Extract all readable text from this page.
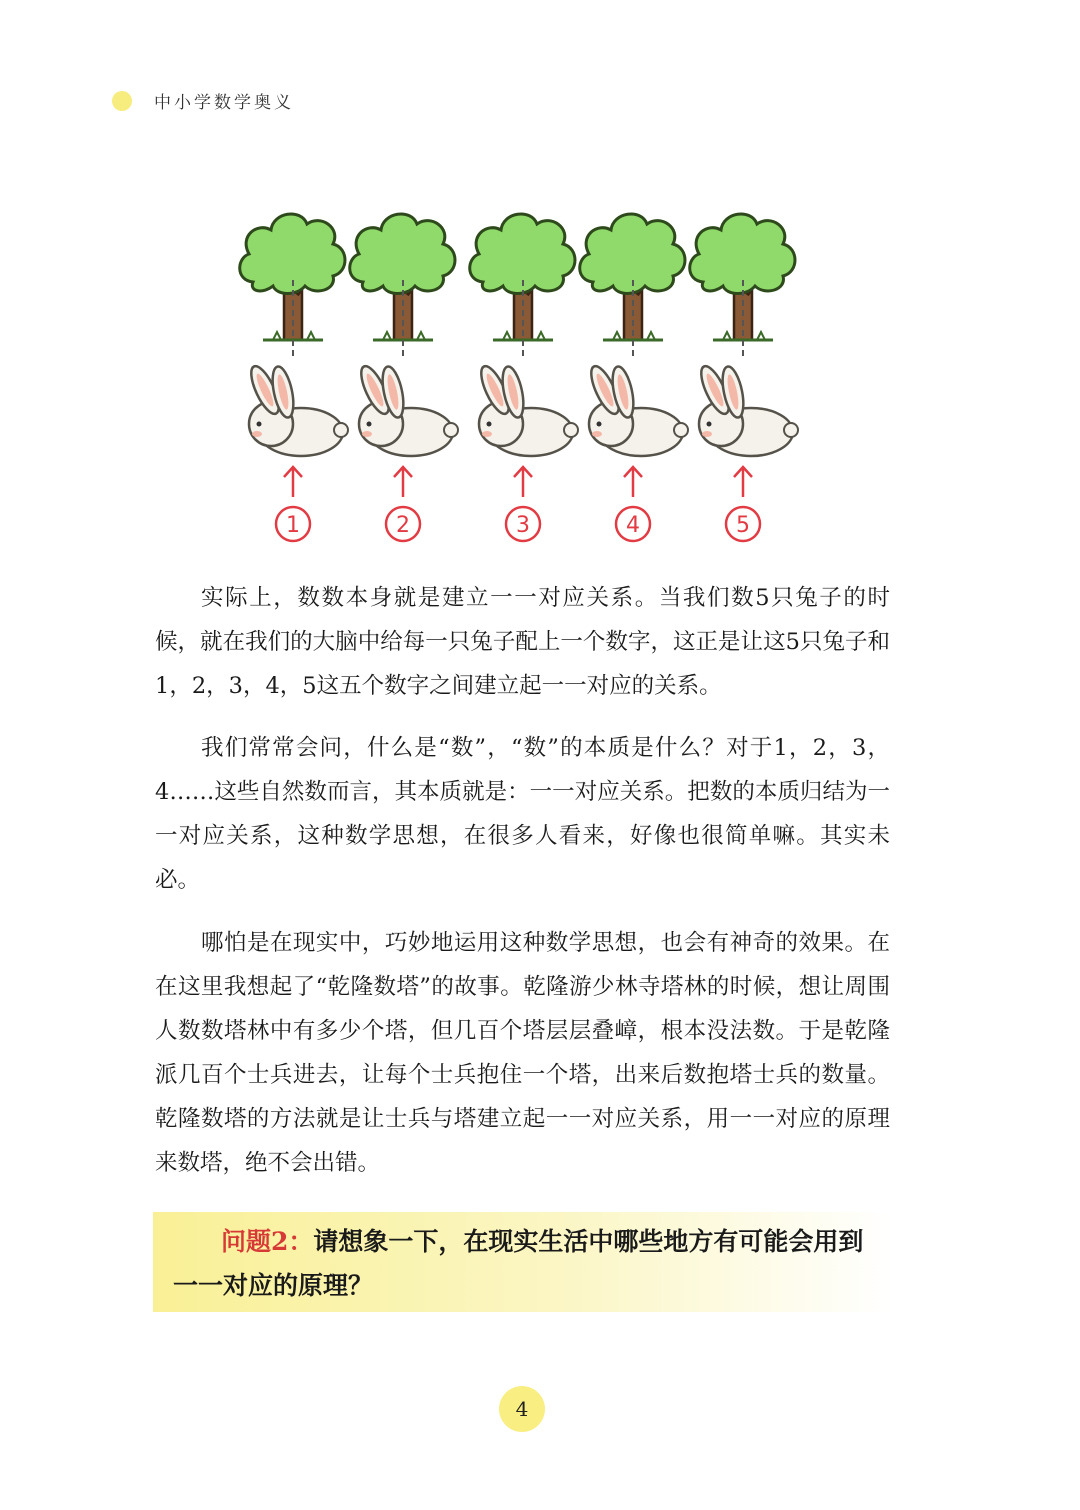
中小学数学奥义
1	2	3	4	5

实际上，数数本身就是建立一一对应关系。当我们数5只兔子的时候，就在我们的大脑中给每一只兔子配上一个数字，这正是让这5只兔子和1，2，3，4，5这五个数字之间建立起一一对应的关系。

我们常常会问，什么是“数”，“数”的本质是什么？对于1，2，3，4……这些自然数而言，其本质就是：一一对应关系。把数的本质归结为一一对应关系，这种数学思想，在很多人看来，好像也很简单嘛。其实未必。

哪怕是在现实中，巧妙地运用这种数学思想，也会有神奇的效果。在在这里我想起了“乾隆数塔”的故事。乾隆游少林寺塔林的时候，想让周围人数数塔林中有多少个塔，但几百个塔层层叠嶂，根本没法数。于是乾隆派几百个士兵进去，让每个士兵抱住一个塔，出来后数抱塔士兵的数量。乾隆数塔的方法就是让士兵与塔建立起一一对应关系，用一一对应的原理来数塔，绝不会出错。

问题2：请想象一下，在现实生活中哪些地方有可能会用到一一对应的原理？

4
